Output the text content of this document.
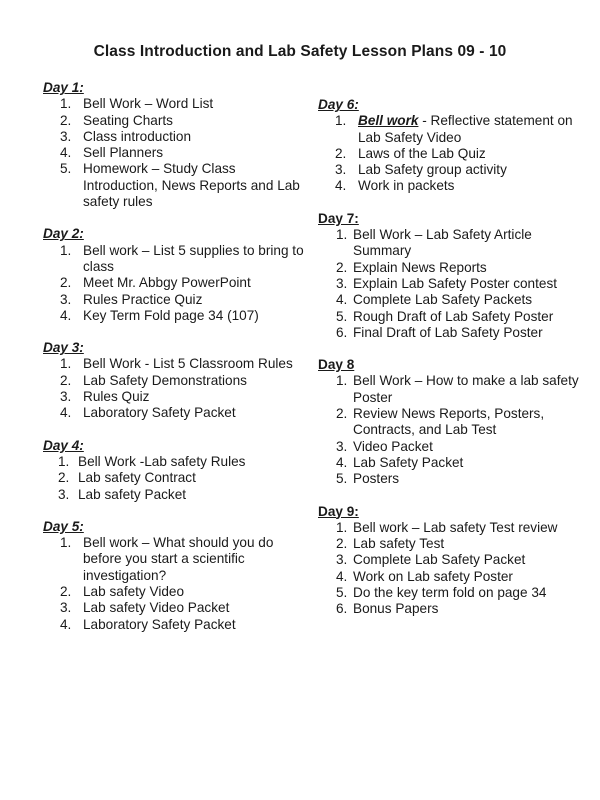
Class Introduction and Lab Safety Lesson Plans 09 - 10
Day 1:
1. Bell Work – Word List
2. Seating Charts
3. Class introduction
4. Sell Planners
5. Homework – Study Class Introduction, News Reports and Lab safety rules
Day 2:
1. Bell work – List 5 supplies to bring to class
2. Meet Mr. Abbgy PowerPoint
3. Rules Practice Quiz
4. Key Term Fold page 34 (107)
Day 3:
1. Bell Work - List 5 Classroom Rules
2. Lab Safety Demonstrations
3. Rules Quiz
4. Laboratory Safety Packet
Day 4:
1. Bell Work -Lab safety Rules
2. Lab safety Contract
3. Lab safety Packet
Day 5:
1. Bell work – What should you do before you start a scientific investigation?
2. Lab safety Video
3. Lab safety Video Packet
4. Laboratory Safety Packet
Day 6:
1. Bell work - Reflective statement on Lab Safety Video
2. Laws of the Lab Quiz
3. Lab Safety group activity
4. Work in packets
Day 7:
1. Bell Work – Lab Safety Article Summary
2. Explain News Reports
3. Explain Lab Safety Poster contest
4. Complete Lab Safety Packets
5. Rough Draft of Lab Safety Poster
6. Final Draft of Lab Safety Poster
Day 8
1. Bell Work – How to make a lab safety Poster
2. Review News Reports, Posters, Contracts, and Lab Test
3. Video Packet
4. Lab Safety Packet
5. Posters
Day 9:
1. Bell work – Lab safety Test review
2. Lab safety Test
3. Complete Lab Safety Packet
4. Work on Lab safety Poster
5. Do the key term fold on page 34
6. Bonus Papers
